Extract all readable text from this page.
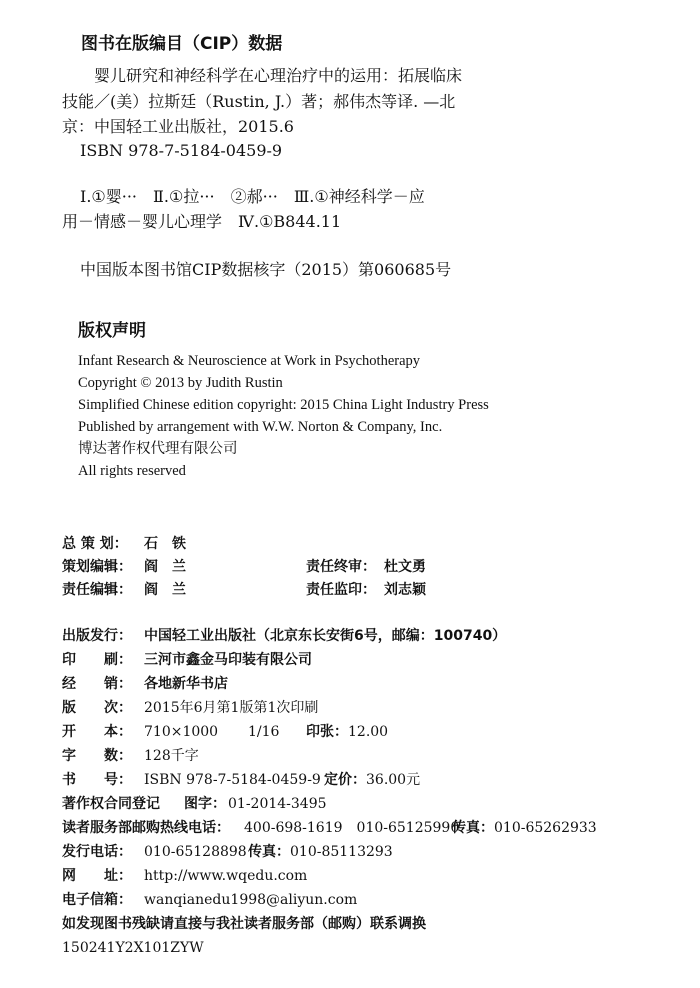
图书在版编目（CIP）数据
婴儿研究和神经科学在心理治疗中的运用：拓展临床
技能／(美）拉斯廷（Rustin, J.）著；郝伟杰等译. —北
京：中国轻工业出版社，2015.6
ISBN 978-7-5184-0459-9
Ⅰ.①婴···　Ⅱ.①拉···　②郝···　Ⅲ.①神经科学－应
用－情感－婴儿心理学　Ⅳ.①B844.11
中国版本图书馆CIP数据核字（2015）第060685号
版权声明
Infant Research & Neuroscience at Work in Psychotherapy
Copyright © 2013 by Judith Rustin
Simplified Chinese edition copyright: 2015 China Light Industry Press
Published by arrangement with W.W. Norton & Company, Inc.
博达著作权代理有限公司
All rights reserved
总 策 划： 石　铁
策划编辑： 阎　兰	责任终审： 杜文勇
责任编辑： 阎　兰	责任监印： 刘志颖
出版发行： 中国轻工业出版社（北京东长安街6号，邮编：100740）
印　　刷： 三河市鑫金马印装有限公司
经　　销： 各地新华书店
版　　次： 2015年6月第1版第1次印刷
开　　本： 710×1000 1/16 印张： 12.00
字　　数： 128千字
书　　号： ISBN 978-7-5184-0459-9 定价： 36.00元
著作权合同登记 图字： 01-2014-3495
读者服务部邮购热线电话： 400-698-1619　010-65125990
传真： 010-65262933
发行电话： 010-65128898 传真： 010-85113293
网　　址： http://www.wqedu.com
电子信箱： wanqianedu1998@aliyun.com
如发现图书残缺请直接与我社读者服务部（邮购）联系调换
150241Y2X101ZYW
